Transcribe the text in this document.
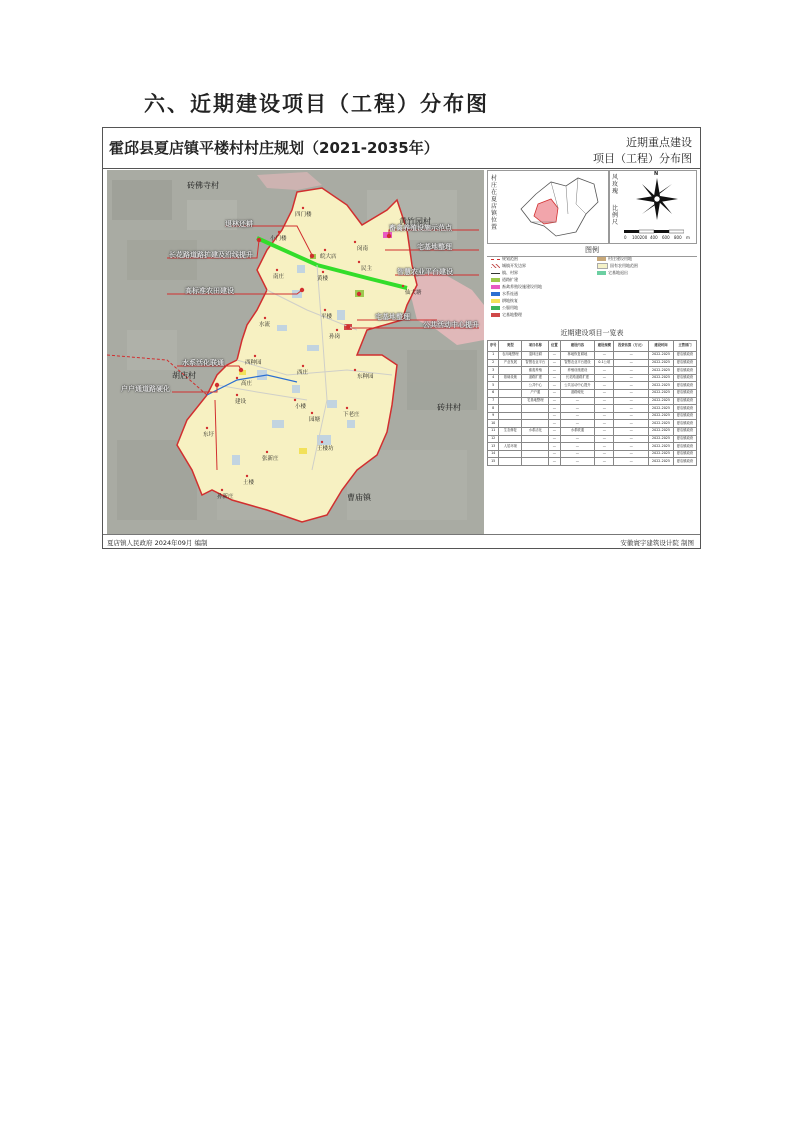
六、近期建设项目（工程）分布图
霍邱县夏店镇平楼村村庄规划（2021-2035年）	近期重点建设
项目（工程）分布图
砖佛寺村
黄竹园村
胡店村
砖井村
曹庙镇
四门楼
小门楼
皖大店
南庄	黄楼
民主
闵南
仙大塘
平楼
孙岗
水流
西种园
西庄
东种园
高庄
建设
小楼
园塘
下老庄
东圩
王楼坊
张新庄
土楼
孙新庄
退林还耕	畜禽养殖设施示范点
宅基地整理
长花路道路扩建及沿线提升
智慧农业平台建设
高标准农田建设
宅基地整理
公共活动中心提升
水系活化联通
户户通道路硬化
村庄在夏店镇位置
风玫瑰
比例尺
N
0 100200 400 600 800 m
图例
规划范围	村庄建设用地
城镇开发边界	国有农用地范围
镇、村界	宅基地退出
道路扩建
畜禽养殖设施建设用地
水系连通
耕地恢复
公服用地
宅基地整理
近期建设项目一览表
序号	类型	项目名称	位置	建设内容	建设规模	投资估算（万元）	建设时间	主管部门
1	农用地整理	退林还耕	—	林地恢复耕地	—	—	2022-2025	夏店镇政府
2	产业发展	智慧农业平台	—	智慧农业平台建设	0.1公顷	—	2022-2025	夏店镇政府
3		畜禽养殖	—	养殖设施建设	—	—	2022-2025	夏店镇政府
4	基础设施	道路扩建	—	长花路道路扩建	—	—	2022-2025	夏店镇政府
5		公共中心	—	公共活动中心提升	—	—	2022-2025	夏店镇政府
6		户户通	—	道路硬化	—	—	2022-2025	夏店镇政府
7		宅基地整理	—	—	—	—	2022-2025	夏店镇政府
8			—	—	—	—	2022-2025	夏店镇政府
9			—	—	—	—	2022-2025	夏店镇政府
10			—	—	—	—	2022-2025	夏店镇政府
11	生态修复	水系活化	—	水系联通	—	—	2022-2025	夏店镇政府
12			—	—	—	—	2022-2025	夏店镇政府
13	人居环境		—	—	—	—	2022-2025	夏店镇政府
14			—	—	—	—	2022-2025	夏店镇政府
15			—	—	—	—	2022-2025	夏店镇政府
夏店镇人民政府 2024年09月 编制	安徽寰宇建筑设计院 制图
